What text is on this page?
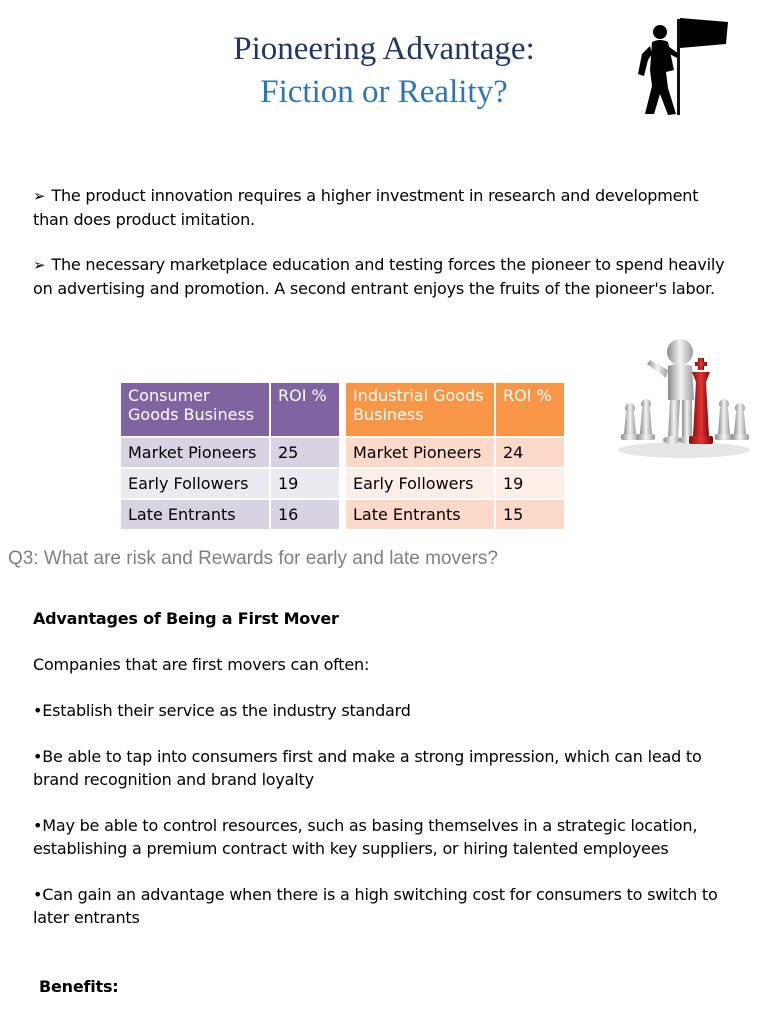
Pioneering Advantage:
Fiction or Reality?
➢ The product innovation requires a higher investment in research and development than does product imitation.
➢ The necessary marketplace education and testing forces the pioneer to spend heavily on advertising and promotion. A second entrant enjoys the fruits of the pioneer's labor.
Consumer Goods Business	ROI %
Market Pioneers	25
Early Followers	19
Late Entrants	16
Industrial Goods Business	ROI %
Market Pioneers	24
Early Followers	19
Late Entrants	15
Q3: What are risk and Rewards for early and late movers?
Advantages of Being a First Mover
Companies that are first movers can often:
•Establish their service as the industry standard
•Be able to tap into consumers first and make a strong impression, which can lead to brand recognition and brand loyalty
•May be able to control resources, such as basing themselves in a strategic location, establishing a premium contract with key suppliers, or hiring talented employees
•Can gain an advantage when there is a high switching cost for consumers to switch to later entrants
Benefits:
